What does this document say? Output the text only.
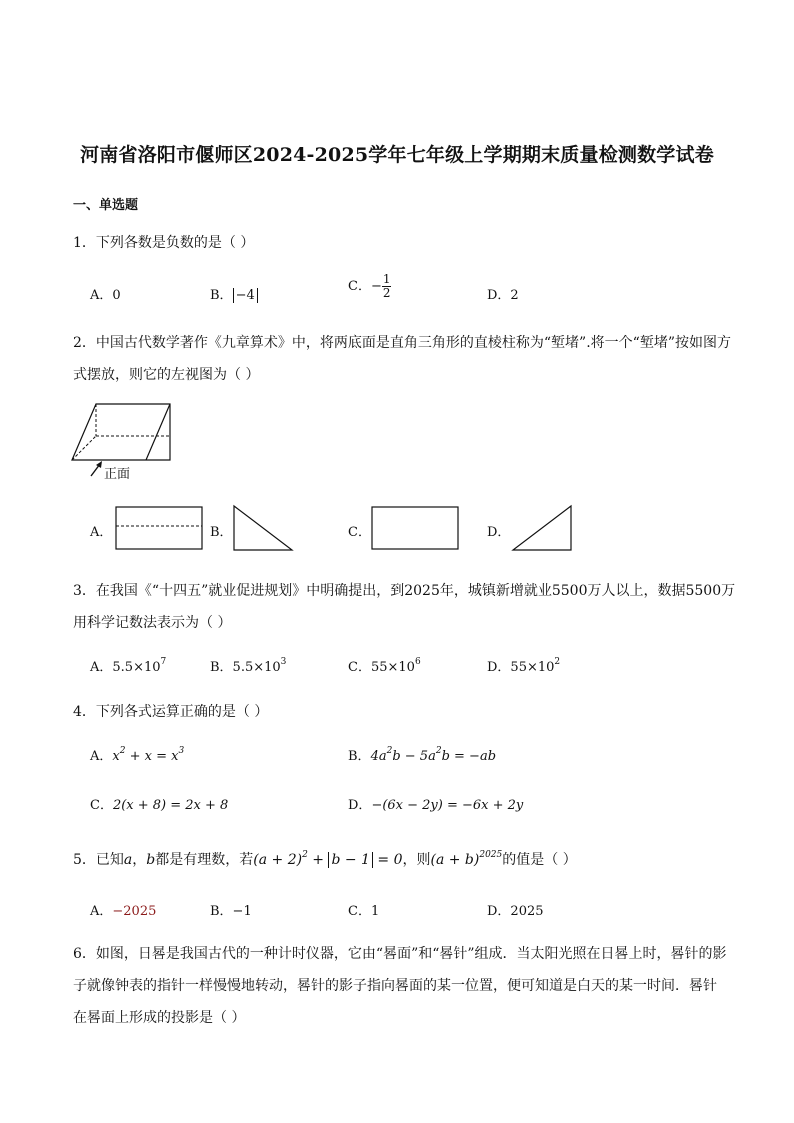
河南省洛阳市偃师区2024-2025学年七年级上学期期末质量检测数学试卷
一、单选题
1．下列各数是负数的是（ ）
A．0	B． −4
C．− $\frac{1}{2}$	D．2
2．中国古代数学著作《九章算术》中，将两底面是直角三角形的直棱柱称为“堑堵”.将一个“堑堵”按如图方
式摆放，则它的左视图为（ ）
正面
A．	B．	C．	D．
3．在我国《“十四五”就业促进规划》中明确提出，到2025年，城镇新增就业5500万人以上，数据5500万
用科学记数法表示为（ ）
A．$5.5\times 10^7$	B．$5.5\times 10^3$	C．$55\times 10^6$	D．$55\times 10^2$
4．下列各式运算正确的是（ ）
A．$x^2 + x = x^3$	B．$4a^2b - 5a^2b = -ab$
C．2(x + 8) = 2x + 8	D．−(6x − 2y) = −6x + 2y
5．已知a，b都是有理数，若$(a + 2)^2 + b - 1 = 0$，则$(a + b)^{2025}$的值是（ ）
A．−2025	B．−1	C．1	D．2025
6．如图，日晷是我国古代的一种计时仪器，它由“晷面”和“晷针”组成．当太阳光照在日晷上时，晷针的影
子就像钟表的指针一样慢慢地转动，晷针的影子指向晷面的某一位置，便可知道是白天的某一时间．晷针
在晷面上形成的投影是（ ）
